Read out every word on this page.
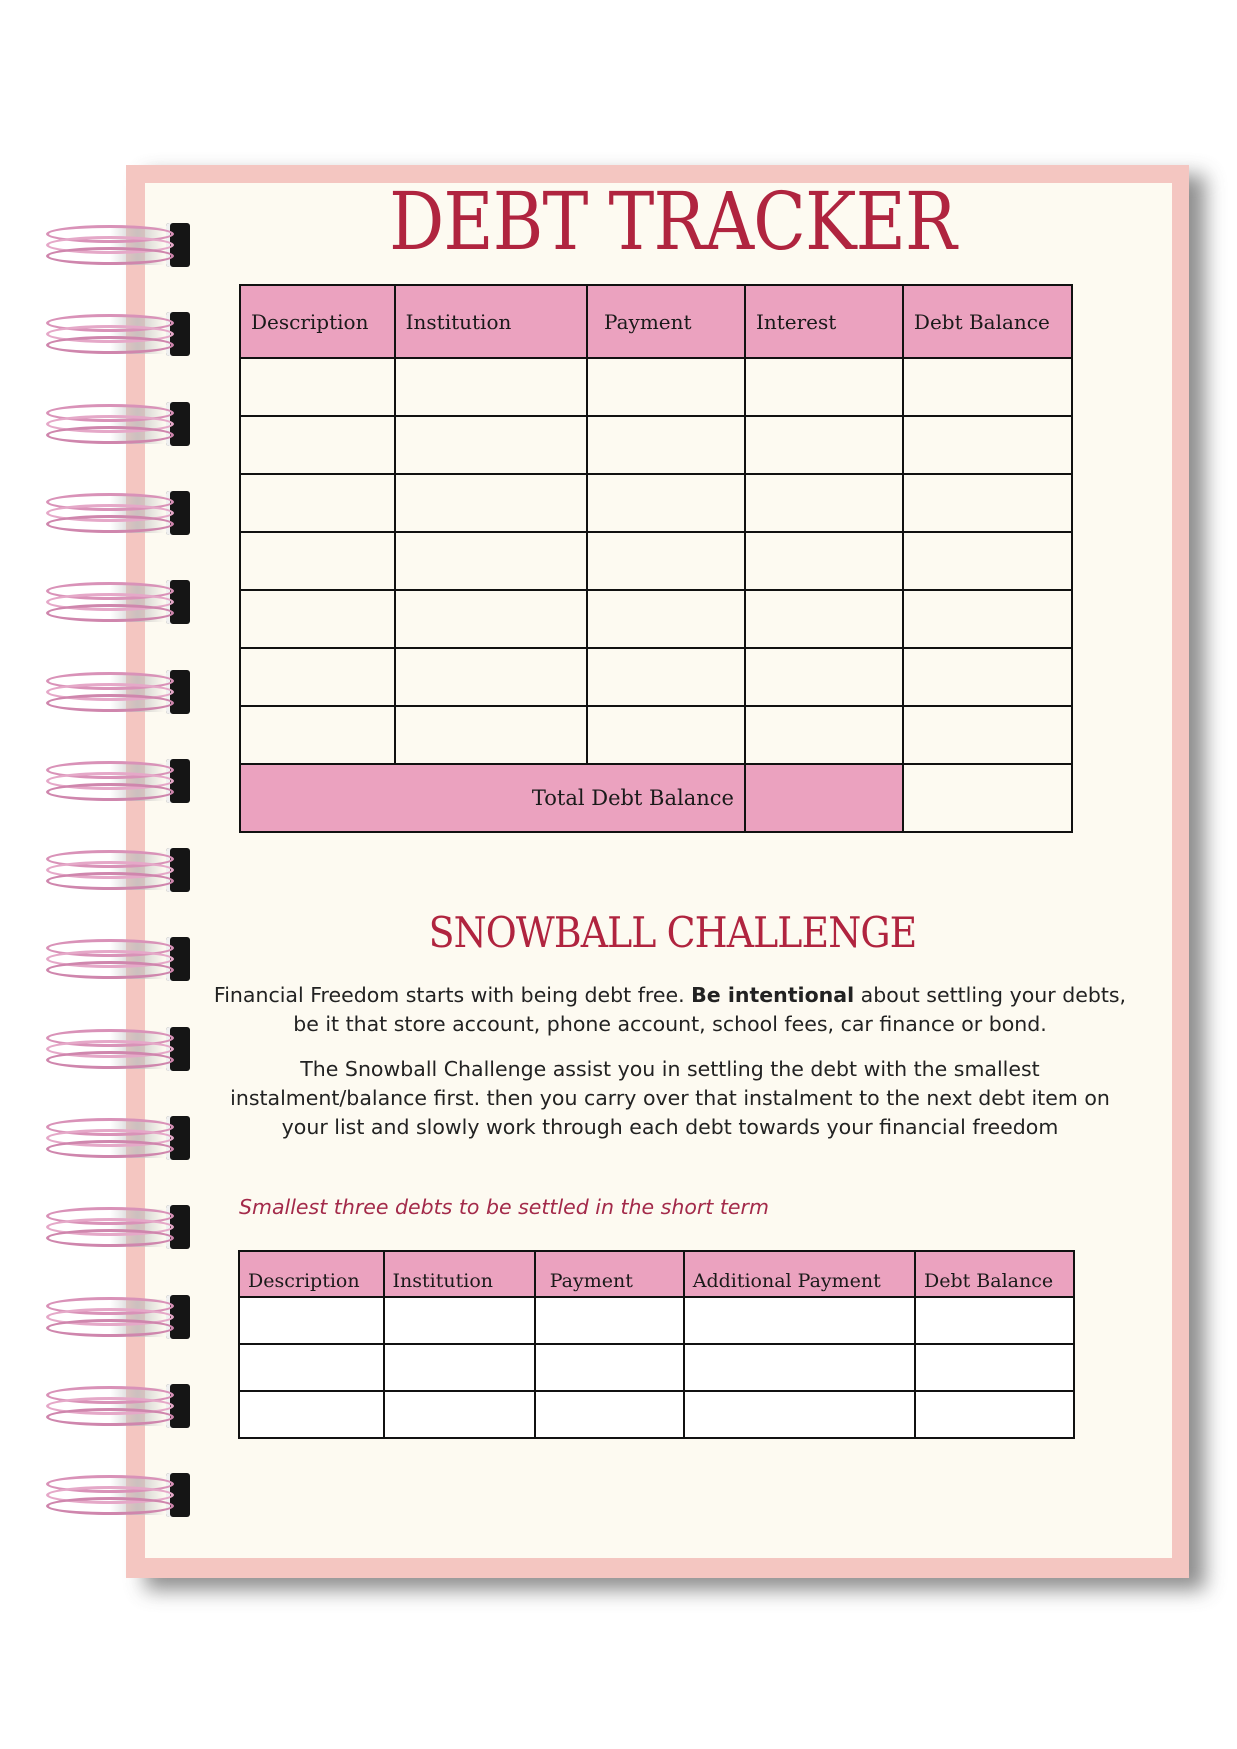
DEBT TRACKER
Description	Institution	Payment	Interest	Debt Balance

Total Debt Balance				
SNOWBALL CHALLENGE

Financial Freedom starts with being debt free. Be intentional about settling your debts, be it that store account, phone account, school fees, car finance or bond.

The Snowball Challenge assist you in settling the debt with the smallest instalment/balance first. then you carry over that instalment to the next debt item on your list and slowly work through each debt towards your financial freedom

Smallest three debts to be settled in the short term

Description	Institution	Payment	Additional Payment	Debt Balance
